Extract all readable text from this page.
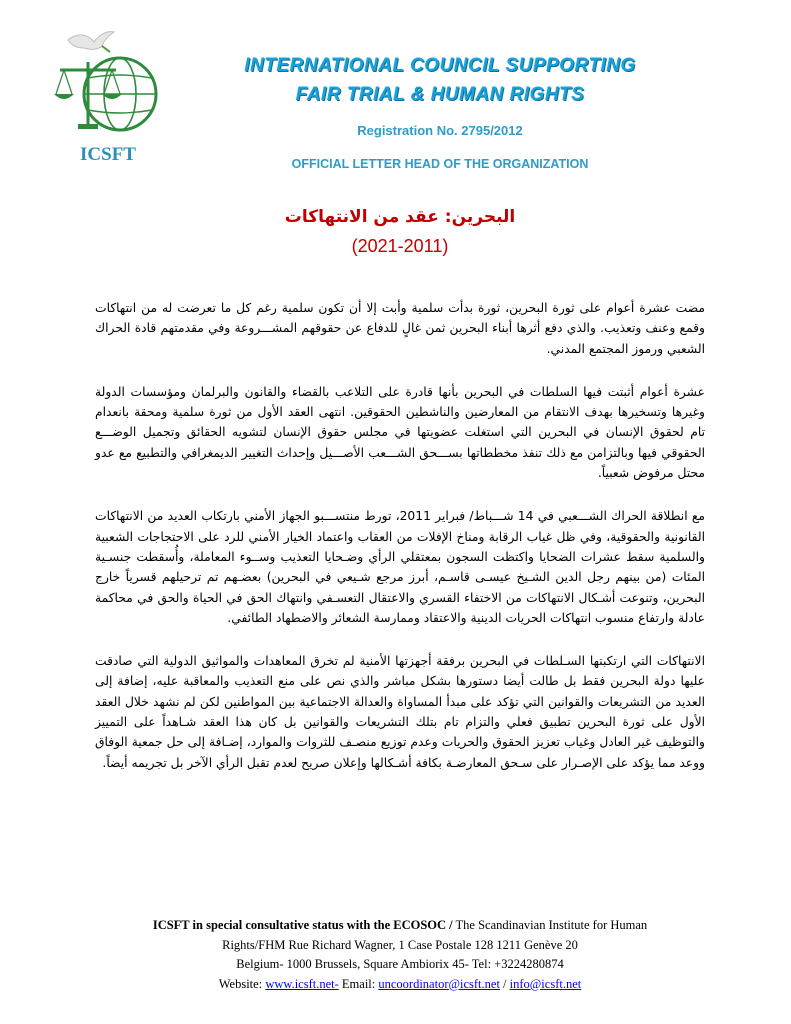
ICSFT
INTERNATIONAL COUNCIL SUPPORTING
FAIR TRIAL & HUMAN RIGHTS
Registration No. 2795/2012
OFFICIAL LETTER HEAD OF THE ORGANIZATION
البحرين: عقد من الانتهاكات
(2021-2011)

مضت عشرة أعوام على ثورة البحرين، ثورة بدأت سلمية وأبت إلا أن تكون سلمية رغم كل ما تعرضت له من انتهاكات وقمع وعنف وتعذيب. والذي دفع أثرها أبناء البحرين ثمن غالٍ للدفاع عن حقوقهم المشـــروعة وفي مقدمتهم قادة الحراك الشعبي ورموز المجتمع المدني.

عشرة أعوام أثبتت فيها السلطات في البحرين بأنها قادرة على التلاعب بالقضاء والقانون والبرلمان ومؤسسات الدولة وغيرها وتسخيرها بهدف الانتقام من المعارضين والناشطين الحقوقين. انتهى العقد الأول من ثورة سلمية ومحقة بانعدام تام لحقوق الإنسان في البحرين التي استغلت عضويتها في مجلس حقوق الإنسان لتشويه الحقائق وتجميل الوضـــع الحقوقي فيها وبالتزامن مع ذلك تنفذ مخططاتها بســـحق الشـــعب الأصـــيل وإحداث التغيير الديمغرافي والتطبيع مع عدو محتل مرفوض شعبياً.

مع انطلاقة الحراك الشـــعبي في 14 شـــباط/ فبراير 2011، تورط منتســـبو الجهاز الأمني بارتكاب العديد من الانتهاكات القانونية والحقوقية، وفي ظل غياب الرقابة ومناخ الإفلات من العقاب واعتماد الخيار الأمني للرد على الاحتجاجات الشعبية والسلمية سقط عشرات الضحايا واكتظت السجون بمعتقلي الرأي وضـحايا التعذيب وســوء المعاملة، وأُسقطت جنسـية المئات (من بينهم رجل الدين الشـيخ عيسـى قاسـم، أبرز مرجع شـيعي في البحرين) بعضـهم تم ترحيلهم قسرياً خارج البحرين، وتنوعت أشـكال الانتهاكات من الاختفاء القسري والاعتقال التعسـفي وانتهاك الحق في الحياة والحق في محاكمة عادلة وارتفاع منسوب انتهاكات الحريات الدينية والاعتقاد وممارسة الشعائر والاضطهاد الطائفي.

الانتهاكات التي ارتكبتها السـلطات في البحرين برفقة أجهزتها الأمنية لم تخرق المعاهدات والمواثيق الدولية التي صادقت عليها دولة البحرين فقط بل طالت أيضا دستورها بشكل مباشر والذي نص على منع التعذيب والمعاقبة عليه، إضافة إلى العديد من التشريعات والقوانين التي تؤكد على مبدأ المساواة والعدالة الاجتماعية بين المواطنين لكن لم نشهد خلال العقد الأول على ثورة البحرين تطبيق فعلي والتزام تام بتلك التشريعات والقوانين بل كان هذا العقد شـاهداً على التمييز والتوظيف غير العادل وغياب تعزيز الحقوق والحريات وعدم توزيع منصـف للثروات والموارد، إضـافة إلى حل جمعية الوفاق ووعد مما يؤكد على الإصـرار على سـحق المعارضـة بكافة أشـكالها وإعلان صريح لعدم تقبل الرأي الآخر بل تجريمه أيضاً.

ICSFT in special consultative status with the ECOSOC / The Scandinavian Institute for Human
Rights/FHM Rue Richard Wagner, 1 Case Postale 128 1211 Genève 20
Belgium- 1000 Brussels, Square Ambiorix 45- Tel: +3224280874
Website: www.icsft.net- Email: uncoordinator@icsft.net / info@icsft.net
